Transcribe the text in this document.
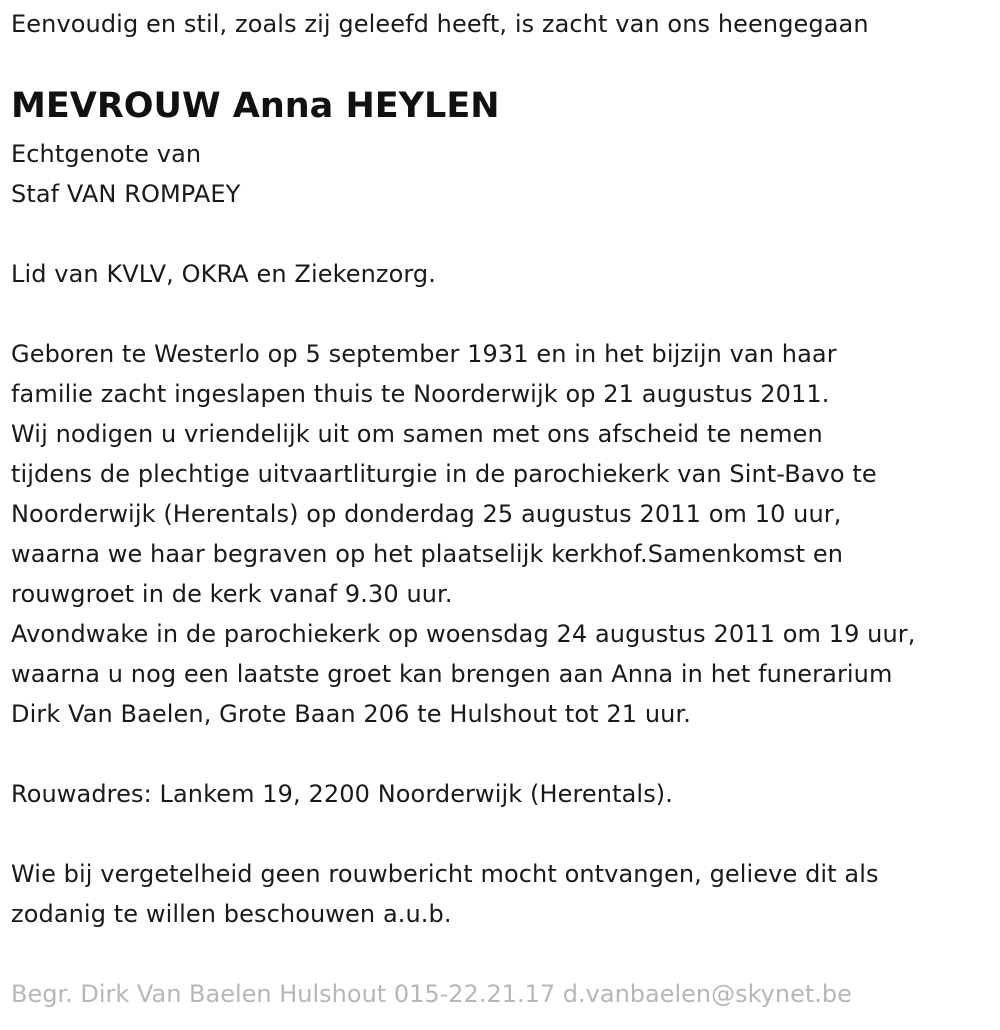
Eenvoudig en stil, zoals zij geleefd heeft, is zacht van ons heengegaan
MEVROUW Anna HEYLEN
Echtgenote van
Staf VAN ROMPAEY
Lid van KVLV, OKRA en Ziekenzorg.
Geboren te Westerlo op 5 september 1931 en in het bijzijn van haar
familie zacht ingeslapen thuis te Noorderwijk op 21 augustus 2011.
Wij nodigen u vriendelijk uit om samen met ons afscheid te nemen
tijdens de plechtige uitvaartliturgie in de parochiekerk van Sint-Bavo te
Noorderwijk (Herentals) op donderdag 25 augustus 2011 om 10 uur,
waarna we haar begraven op het plaatselijk kerkhof.Samenkomst en
rouwgroet in de kerk vanaf 9.30 uur.
Avondwake in de parochiekerk op woensdag 24 augustus 2011 om 19 uur,
waarna u nog een laatste groet kan brengen aan Anna in het funerarium
Dirk Van Baelen, Grote Baan 206 te Hulshout tot 21 uur.
Rouwadres: Lankem 19, 2200 Noorderwijk (Herentals).
Wie bij vergetelheid geen rouwbericht mocht ontvangen, gelieve dit als
zodanig te willen beschouwen a.u.b.
Begr. Dirk Van Baelen Hulshout 015-22.21.17 d.vanbaelen@skynet.be
